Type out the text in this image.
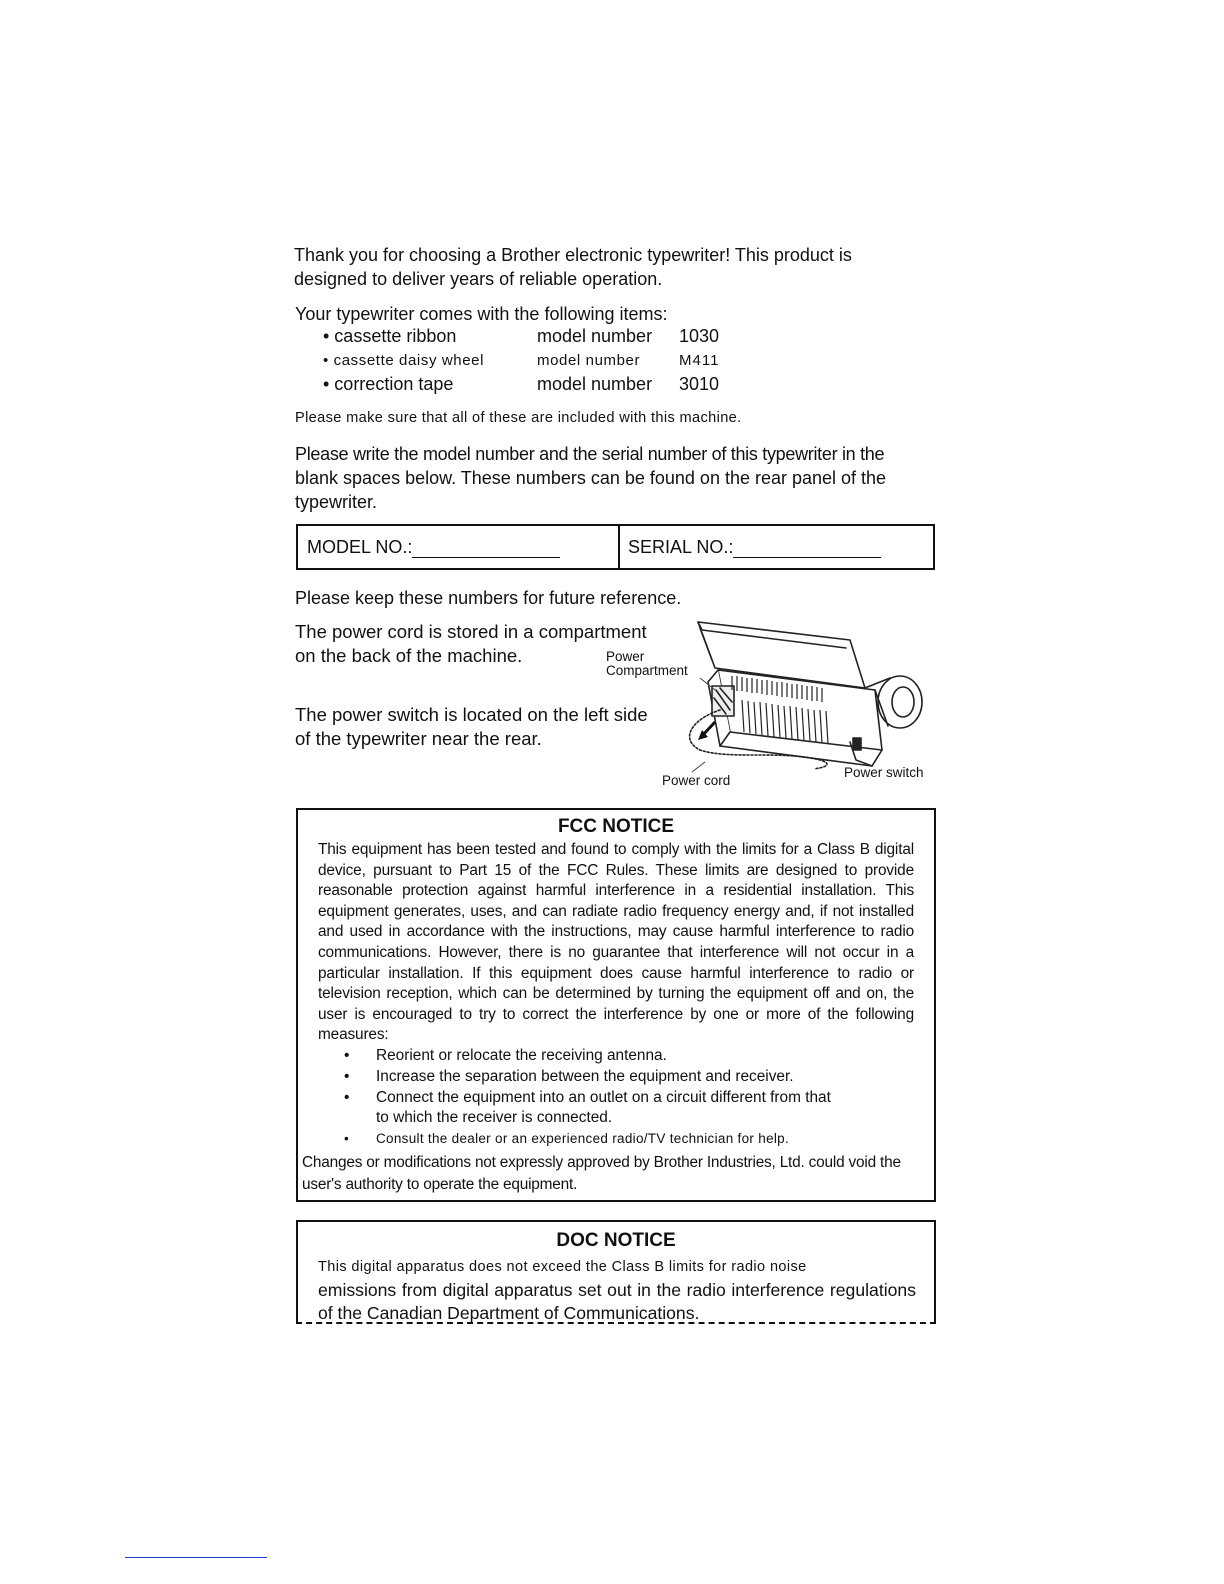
Thank you for choosing a Brother electronic typewriter! This product is
designed to deliver years of reliable operation.
Your typewriter comes with the following items:
• cassette ribbon	model number 1030
• cassette daisy wheel	model number	M411
• correction tape	model number 3010
Please make sure that all of these are included with this machine.
Please write the model number and the serial number of this typewriter in the
blank spaces below. These numbers can be found on the rear panel of the
typewriter.
MODEL NO.:	SERIAL NO.:
Please keep these numbers for future reference.
The power cord is stored in a compartment
on the back of the machine.
The power switch is located on the left side
of the typewriter near the rear.
Power
Compartment
Power cord
Power switch
FCC NOTICE
This equipment has been tested and found to comply with the limits for a Class B digital device, pursuant to Part 15 of the FCC Rules. These limits are designed to provide reasonable protection against harmful interference in a residential installation. This equipment generates, uses, and can radiate radio frequency energy and, if not installed and used in accordance with the instructions, may cause harmful interference to radio communications. However, there is no guarantee that interference will not occur in a particular installation. If this equipment does cause harmful interference to radio or television reception, which can be determined by turning the equipment off and on, the user is encouraged to try to correct the interference by one or more of the following measures:
• Reorient or relocate the receiving antenna.
• Increase the separation between the equipment and receiver.
• Connect the equipment into an outlet on a circuit different from that to which the receiver is connected.
• Consult the dealer or an experienced radio/TV technician for help.
Changes or modifications not expressly approved by Brother Industries, Ltd. could void the user's authority to operate the equipment.
DOC NOTICE
This digital apparatus does not exceed the Class B limits for radio noise
emissions from digital apparatus set out in the radio interference regulations of the Canadian Department of Communications.
